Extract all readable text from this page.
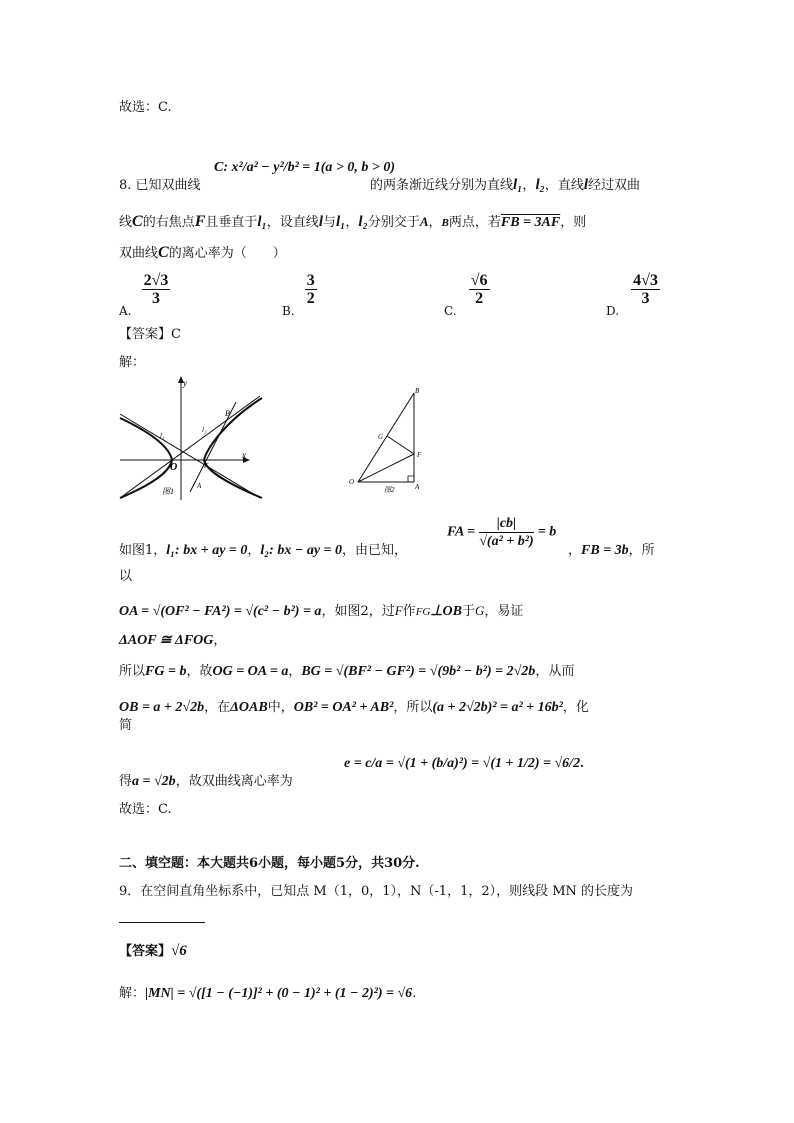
故选：C.
8. 已知双曲线
C: x²/a² − y²/b² = 1(a > 0, b > 0)
的两条渐近线分别为直线l₁，l₂，直线l经过双曲
线C的右焦点F且垂直于l₁，设直线l与l₁，l₂分别交于A，B两点，若FB = 3AF，则
双曲线C的离心率为（　　）
A.
$\frac{2√3}{3}$
B.
$\frac{3}{2}$
C.
$\frac{√6}{2}$
D.
$\frac{4√3}{3}$
【答案】C
解：
y
x
l₁
l₂
B
O	F
A
图1
B
G
F
O
A
图2
如图1，l₁: bx + ay = 0，l₂: bx − ay = 0，由已知，
FA = $\frac{|cb|}{\text{√(a² + b²)}} = b$
，FB = 3b，所
以
OA = √(OF² − FA²) = √(c² − b²) = a，如图2，过F作FG⊥OB于G，易证
ΔAOF ≅ ΔFOG，
所以FG = b，故OG = OA = a，BG = √(BF² − GF²) = √(9b² − b²) = 2√2b，从而
OB = a + 2√2b，在ΔOAB中，OB² = OA² + AB²，所以(a + 2√2b)² = a² + 16b²，化
简
得a = √2b，故双曲线离心率为
e = c/a = √(1 + (b/a)²) = √(1 + 1/2) = √6/2.
故选：C.
二、填空题：本大题共6小题，每小题5分，共30分.
9．在空间直角坐标系中，已知点 M（1，0，1），N（-1，1，2），则线段 MN 的长度为
【答案】√6
解：|MN| = √([1 − (−1)]² + (0 − 1)² + (1 − 2)²) = √6.
